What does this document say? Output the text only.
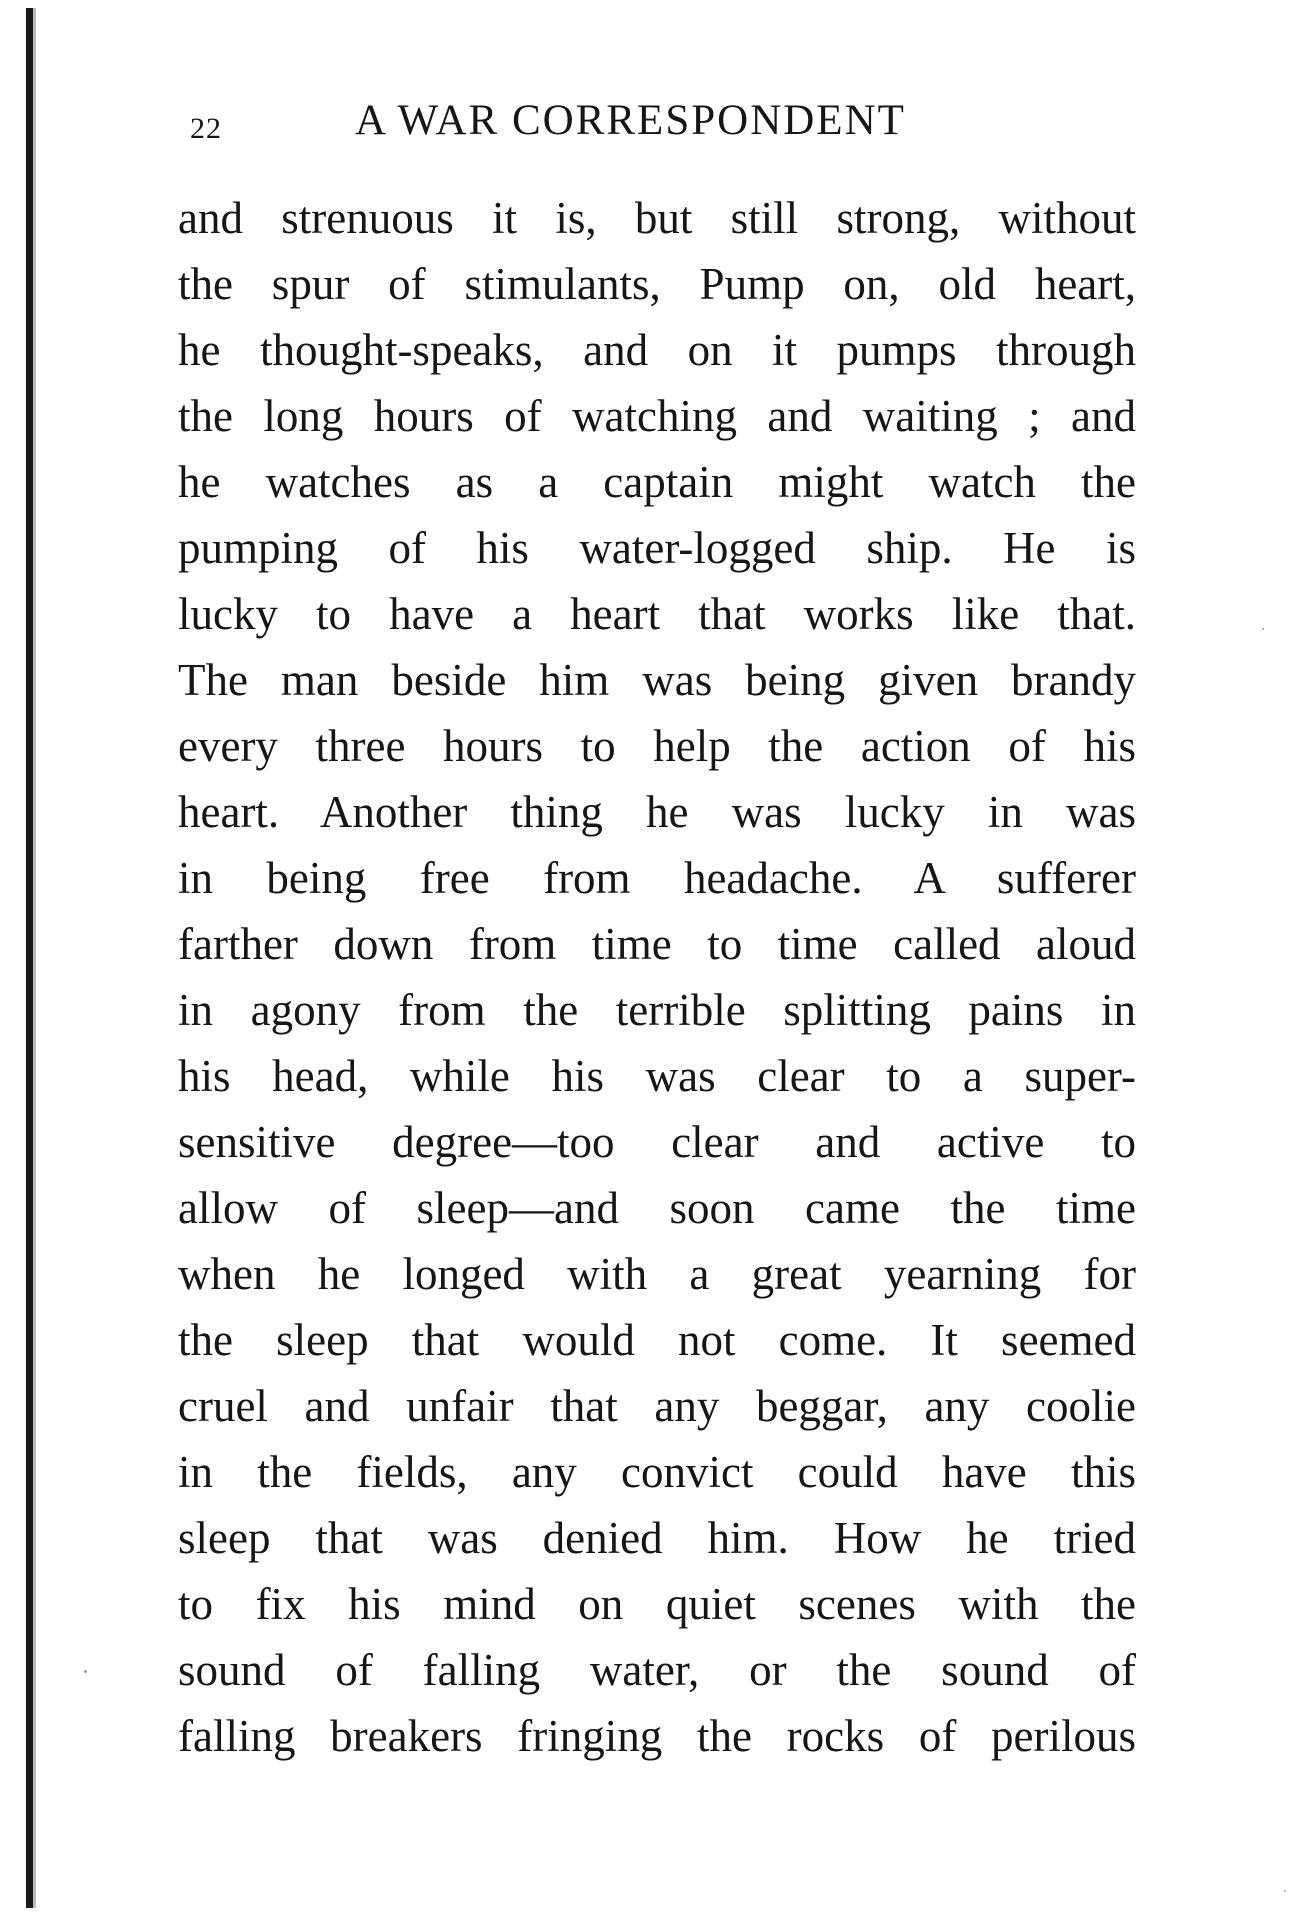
22	A WAR CORRESPONDENT
and strenuous it is, but still strong, without
the spur of stimulants, Pump on, old heart,
he thought-speaks, and on it pumps through
the long hours of watching and waiting ; and
he watches as a captain might watch the
pumping of his water-logged ship. He is
lucky to have a heart that works like that.
The man beside him was being given brandy
every three hours to help the action of his
heart. Another thing he was lucky in was
in being free from headache. A sufferer
farther down from time to time called aloud
in agony from the terrible splitting pains in
his head, while his was clear to a super-
sensitive degree—too clear and active to
allow of sleep—and soon came the time
when he longed with a great yearning for
the sleep that would not come. It seemed
cruel and unfair that any beggar, any coolie
in the fields, any convict could have this
sleep that was denied him. How he tried
to fix his mind on quiet scenes with the
sound of falling water, or the sound of
falling breakers fringing the rocks of perilous
